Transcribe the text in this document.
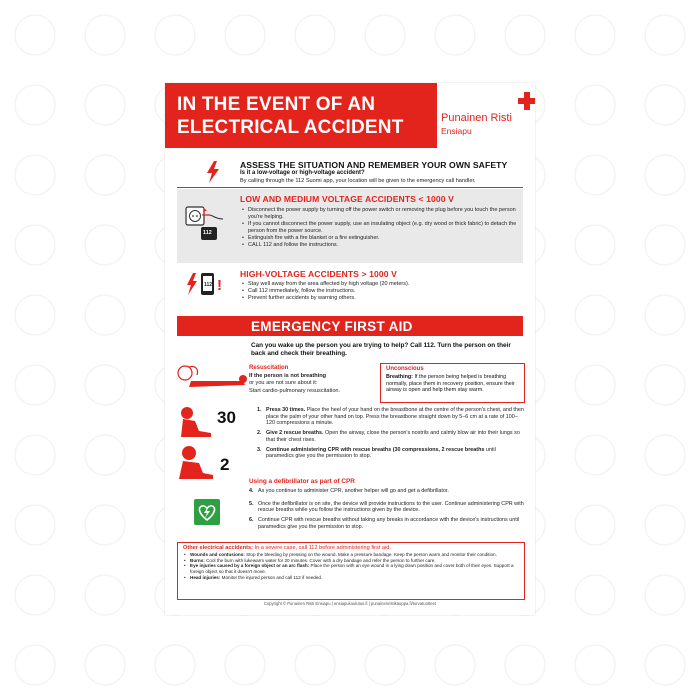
IN THE EVENT OF AN
ELECTRICAL ACCIDENT	Punainen Risti
Ensiapu
ASSESS THE SITUATION AND REMEMBER YOUR OWN SAFETY
Is it a low-voltage or high-voltage accident?
By calling through the 112 Suomi app, your location will be given to the emergency call handler.
LOW AND MEDIUM VOLTAGE ACCIDENTS < 1000 V
112
• Disconnect the power supply by turning off the power switch or removing the plug before you touch the person you're helping.
• If you cannot disconnect the power supply, use an insulating object (e.g. dry wood or thick fabric) to detach the person from the power source.
• Extinguish fire with a fire blanket or a fire extinguisher.
• CALL 112 and follow the instructions.
112 !
HIGH-VOLTAGE ACCIDENTS > 1000 V
• Stay well away from the area affected by high voltage (20 meters).
• Call 112 immediately, follow the instructions.
• Prevent further accidents by warning others.
EMERGENCY FIRST AID
Can you wake up the person you are trying to help? Call 112. Turn the person on their back and check their breathing.
Resuscitation
If the person is not breathing
or you are not sure about it:
Start cardio-pulmonary resuscitation.
Unconscious
Breathing: If the person being helped is breathing normally, place them in recovery position, ensure their airway is open and help them stay warm.
30
2
1. Press 30 times. Place the heel of your hand on the breastbone at the centre of the person's chest, and then place the palm of your other hand on top. Press the breastbone straight down by 5–6 cm at a rate of 100–120 compressions a minute.
2. Give 2 rescue breaths. Open the airway, close the person's nostrils and calmly blow air into their lungs so that their chest rises.
3. Continue administering CPR with rescue breaths (30 compressions, 2 rescue breaths until paramedics give you the permission to stop.
Using a defibrillator as part of CPR
4. As you continue to administer CPR, another helper will go and get a defibrillator.
5. Once the defibrillator is on site, the device will provide instructions to the user. Continue administering CPR with rescue breaths while you follow the instructions given by the device.
6. Continue CPR with rescue breaths without taking any breaks in accordance with the device's instructions until paramedics give you the permission to stop.
Other electrical accidents: In a severe case, call 112 before administering first aid.
• Wounds and contusions: Stop the bleeding by pressing on the wound. Make a pressure bandage. Keep the person warm and monitor their condition.
• Burns: Cool the burn with lukewarm water for 20 minutes. Cover with a dry bandage and refer the person to further care.
• Eye injuries caused by a foreign object or an arc flash: Place the person with an eye wound in a lying down position and cover both of their eyes. Support a foreign object so that it doesn't move.
• Head injuries: Monitor the injured person and call 112 if needed.
Copyright © Punainen Risti Ensiapu | ensiapukoulutus.fi | punainenristikauppa.fi/turvatuotteet
